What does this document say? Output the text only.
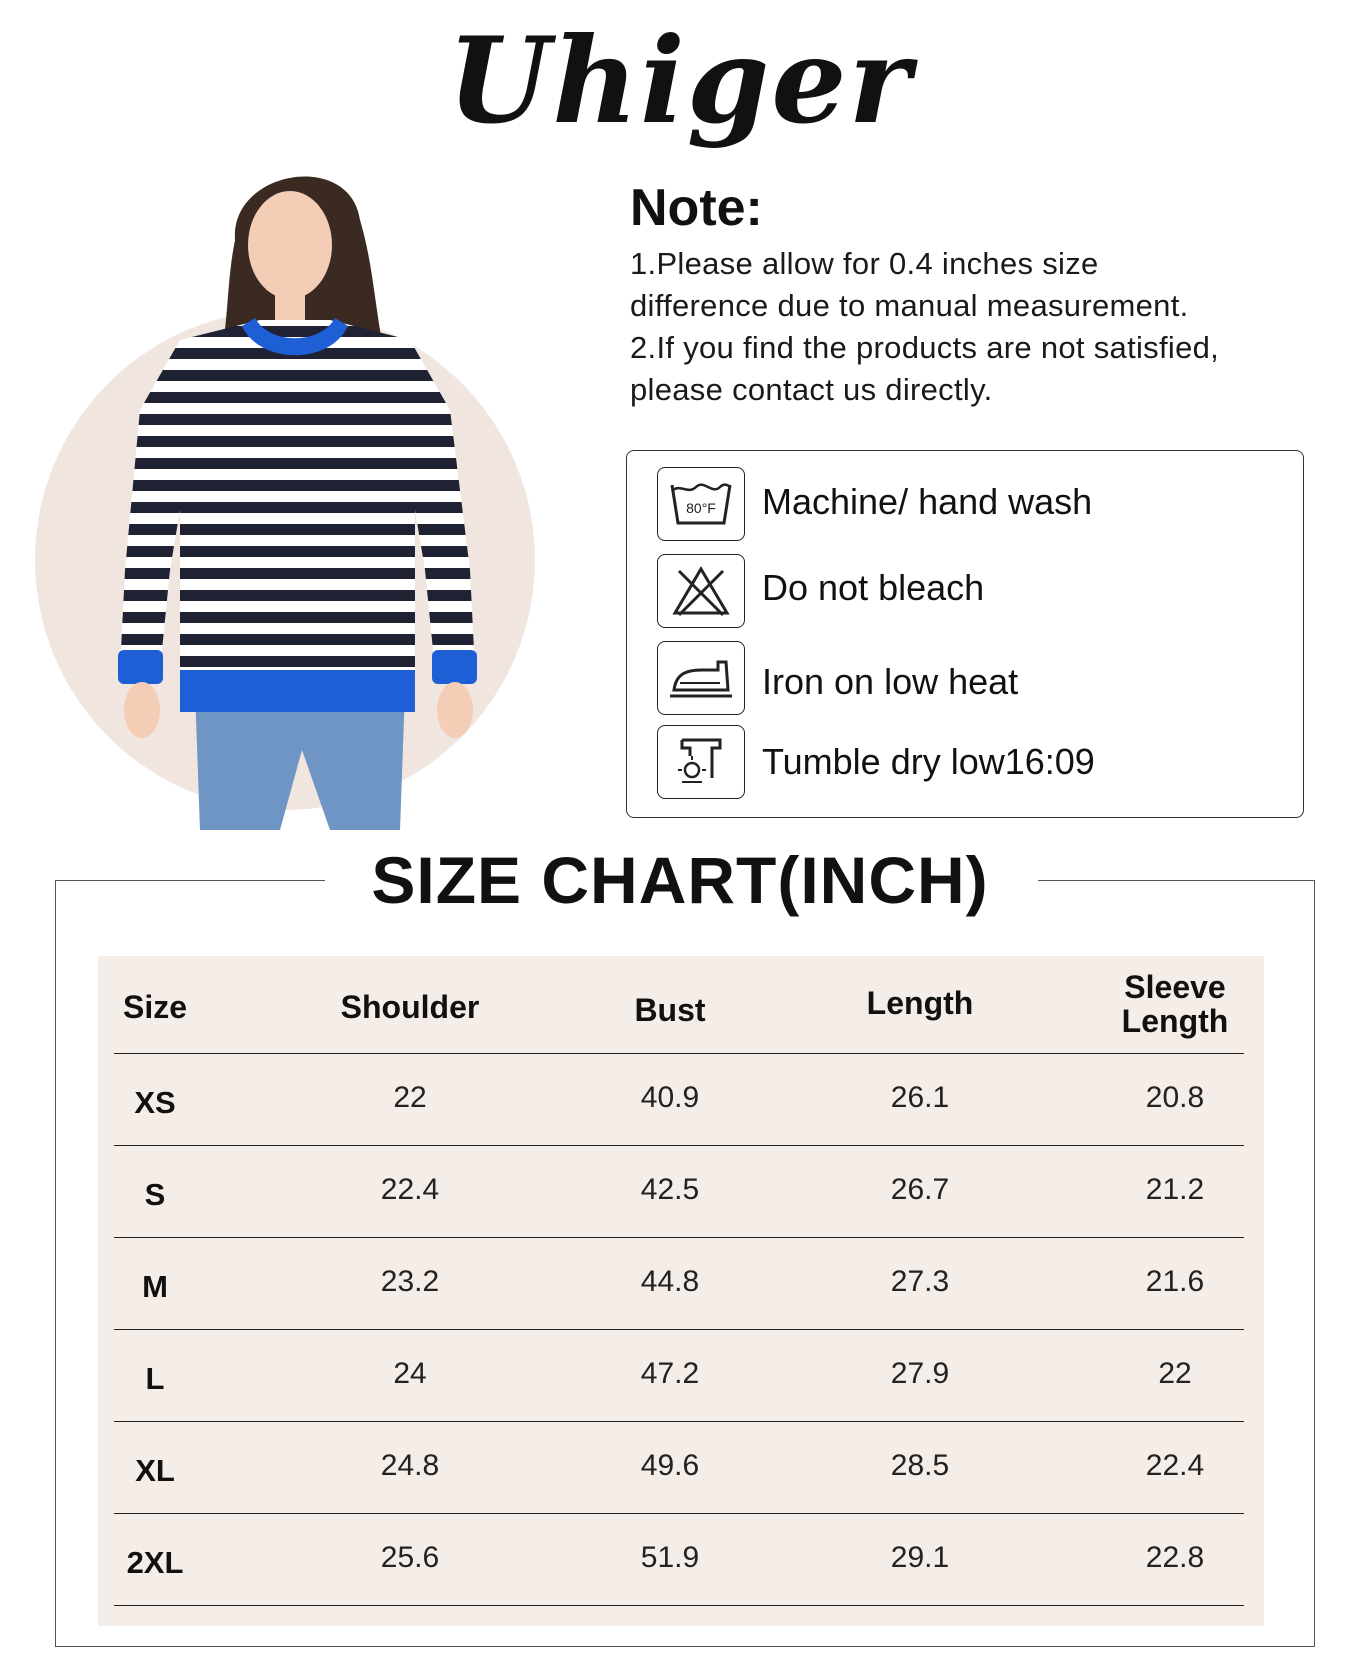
Uhiger
Note:
1.Please allow for 0.4 inches size
difference due to manual measurement.
2.If you find the products are not satisfied,
please contact us directly.
80°F Machine/ hand wash
Do not bleach
Iron on low heat
Tumble dry low16:09
SIZE CHART(INCH)
Size	Shoulder	Bust	Length	Sleeve
Length
XS	22	40.9	26.1	20.8
S	22.4	42.5	26.7	21.2
M	23.2	44.8	27.3	21.6
L	24	47.2	27.9	22
XL	24.8	49.6	28.5	22.4
2XL	25.6	51.9	29.1	22.8
